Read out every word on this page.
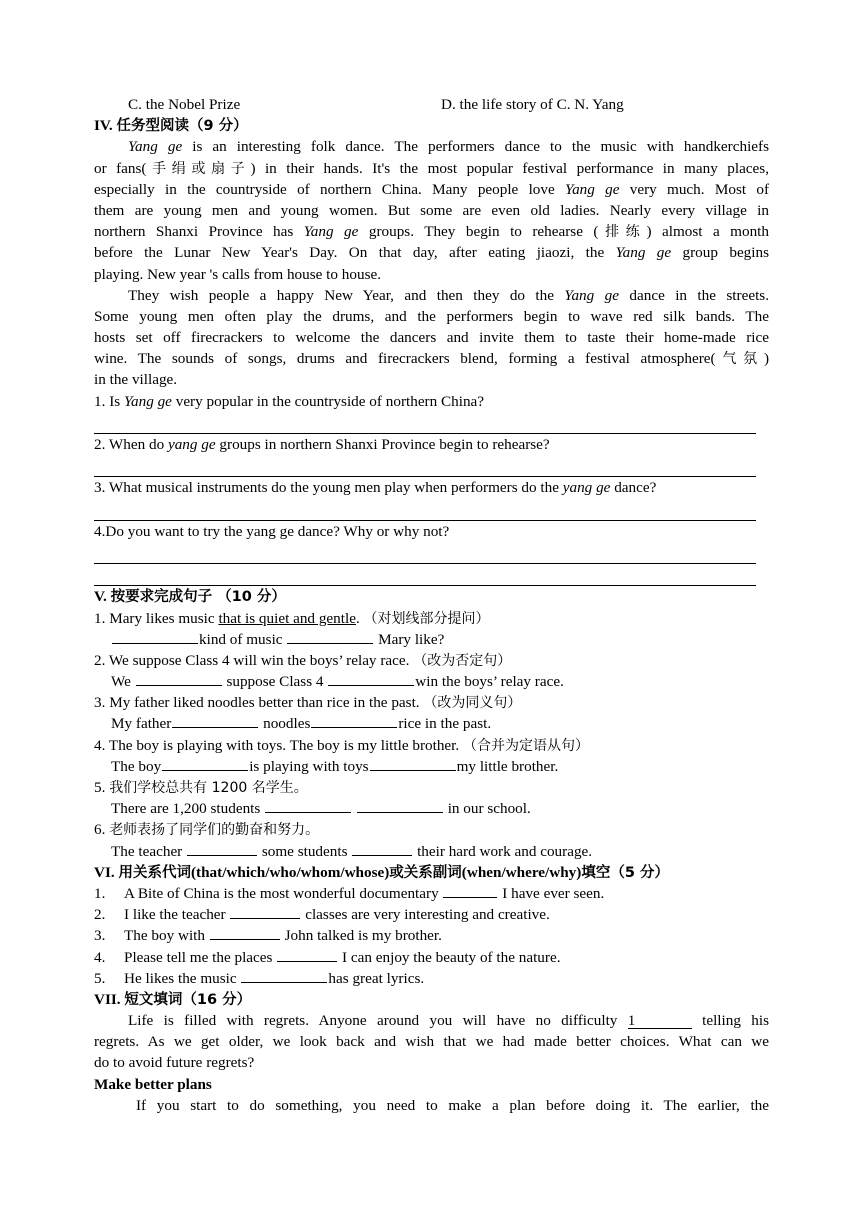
C. the Nobel Prize	D. the life story of C. N. Yang
IV. 任务型阅读（9 分）
Yang ge is an interesting folk dance. The performers dance to the music with handkerchiefs
or fans(手绢或扇子) in their hands. It's the most popular festival performance in many places,
especially in the countryside of northern China. Many people love Yang ge very much. Most of
them are young men and young women. But some are even old ladies. Nearly every village in
northern Shanxi Province has Yang ge groups. They begin to rehearse (排练) almost a month
before the Lunar New Year's Day. On that day, after eating jiaozi, the Yang ge group begins
playing. New year 's calls from house to house.
They wish people a happy New Year, and then they do the Yang ge dance in the streets.
Some young men often play the drums, and the performers begin to wave red silk bands. The
hosts set off firecrackers to welcome the dancers and invite them to taste their home-made rice
wine. The sounds of songs, drums and firecrackers blend, forming a festival atmosphere(气氛)
in the village.
1. Is Yang ge very popular in the countryside of northern China?
2. When do yang ge groups in northern Shanxi Province begin to rehearse?
3. What musical instruments do the young men play when performers do the yang ge dance?
4.Do you want to try the yang ge dance? Why or why not?
V. 按要求完成句子 （10 分）
1. Mary likes music that is quiet and gentle. （对划线部分提问）
kind of music	Mary like?
2. We suppose Class 4 will win the boys’ relay race. （改为否定句）
We	suppose Class 4	win the boys’ relay race.
3. My father liked noodles better than rice in the past. （改为同义句）
My father	noodles	rice in the past.
4. The boy is playing with toys. The boy is my little brother. （合并为定语从句）
The boy	is playing with toys	my little brother.
5. 我们学校总共有 1200 名学生。
There are 1,200 students	in our school.
6. 老师表扬了同学们的勤奋和努力。
The teacher	some students	their hard work and courage.
VI. 用关系代词(that/which/who/whom/whose)或关系副词(when/where/why)填空（5 分）
1. A Bite of China is the most wonderful documentary	I have ever seen.
2. I like the teacher	classes are very interesting and creative.
3. The boy with	John talked is my brother.
4. Please tell me the places	I can enjoy the beauty of the nature.
5. He likes the music	has great lyrics.
VII. 短文填词（16 分）
Life is filled with regrets. Anyone around you will have no difficulty 1	telling his
regrets. As we get older, we look back and wish that we had made better choices. What can we
do to avoid future regrets?
Make better plans
If you start to do something, you need to make a plan before doing it. The earlier, the
